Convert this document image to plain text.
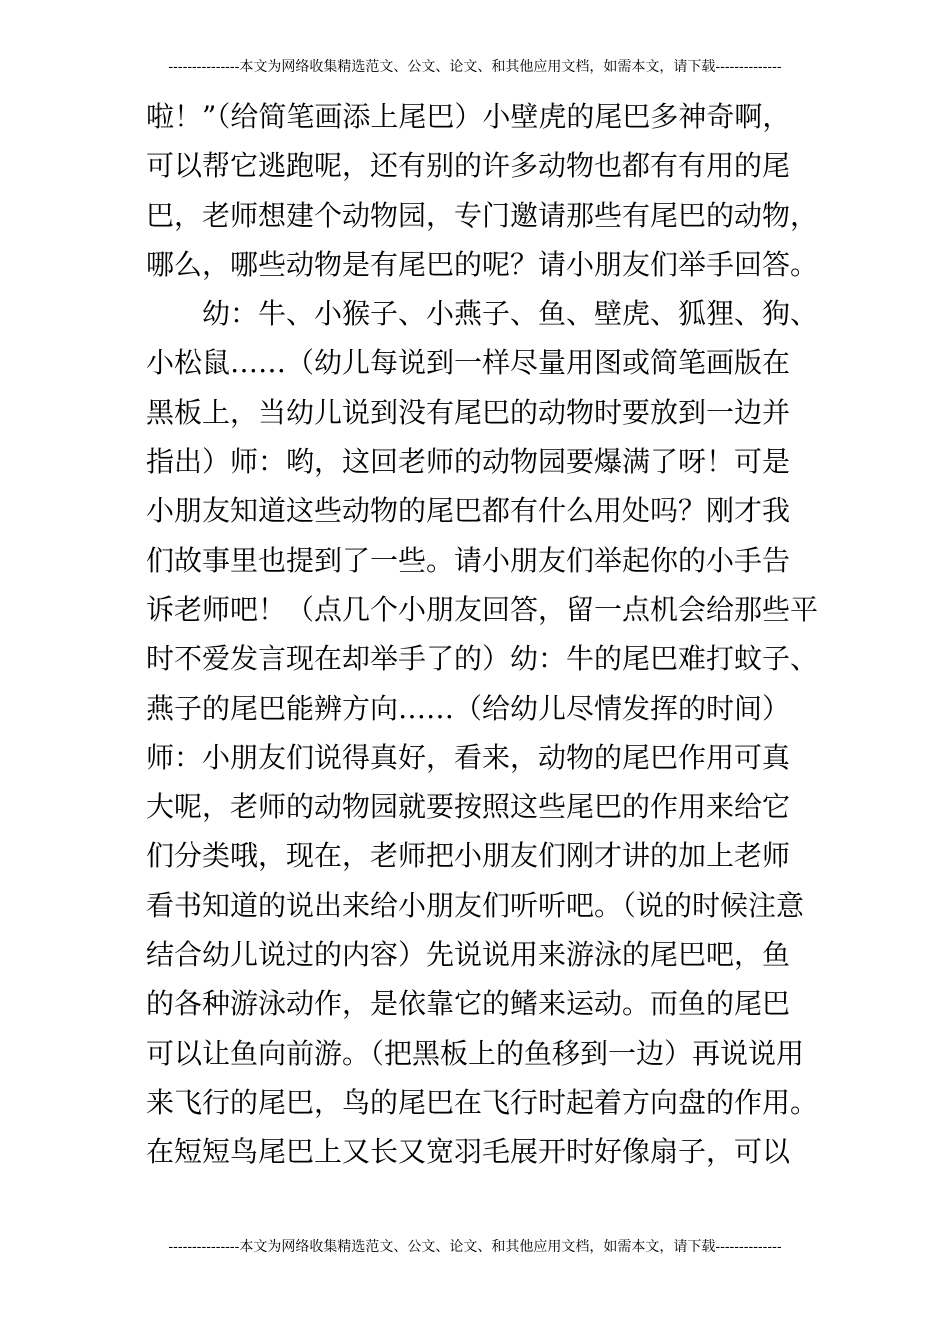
---------------本文为网络收集精选范文、公文、论文、和其他应用文档，如需本文，请下载--------------
啦！”（给简笔画添上尾巴）小壁虎的尾巴多神奇啊，
可以帮它逃跑呢，还有别的许多动物也都有有用的尾
巴，老师想建个动物园，专门邀请那些有尾巴的动物，
哪么，哪些动物是有尾巴的呢？请小朋友们举手回答。
　　幼：牛、小猴子、小燕子、鱼、壁虎、狐狸、狗、
小松鼠……（幼儿每说到一样尽量用图或简笔画版在
黑板上，当幼儿说到没有尾巴的动物时要放到一边并
指出）师：哟，这回老师的动物园要爆满了呀！可是
小朋友知道这些动物的尾巴都有什么用处吗？刚才我
们故事里也提到了一些。请小朋友们举起你的小手告
诉老师吧！（点几个小朋友回答，留一点机会给那些平
时不爱发言现在却举手了的）幼：牛的尾巴难打蚊子、
燕子的尾巴能辨方向……（给幼儿尽情发挥的时间）
师：小朋友们说得真好，看来，动物的尾巴作用可真
大呢，老师的动物园就要按照这些尾巴的作用来给它
们分类哦，现在，老师把小朋友们刚才讲的加上老师
看书知道的说出来给小朋友们听听吧。（说的时候注意
结合幼儿说过的内容）先说说用来游泳的尾巴吧，鱼
的各种游泳动作，是依靠它的鳍来运动。而鱼的尾巴
可以让鱼向前游。（把黑板上的鱼移到一边）再说说用
来飞行的尾巴，鸟的尾巴在飞行时起着方向盘的作用。
在短短鸟尾巴上又长又宽羽毛展开时好像扇子，可以
---------------本文为网络收集精选范文、公文、论文、和其他应用文档，如需本文，请下载--------------
